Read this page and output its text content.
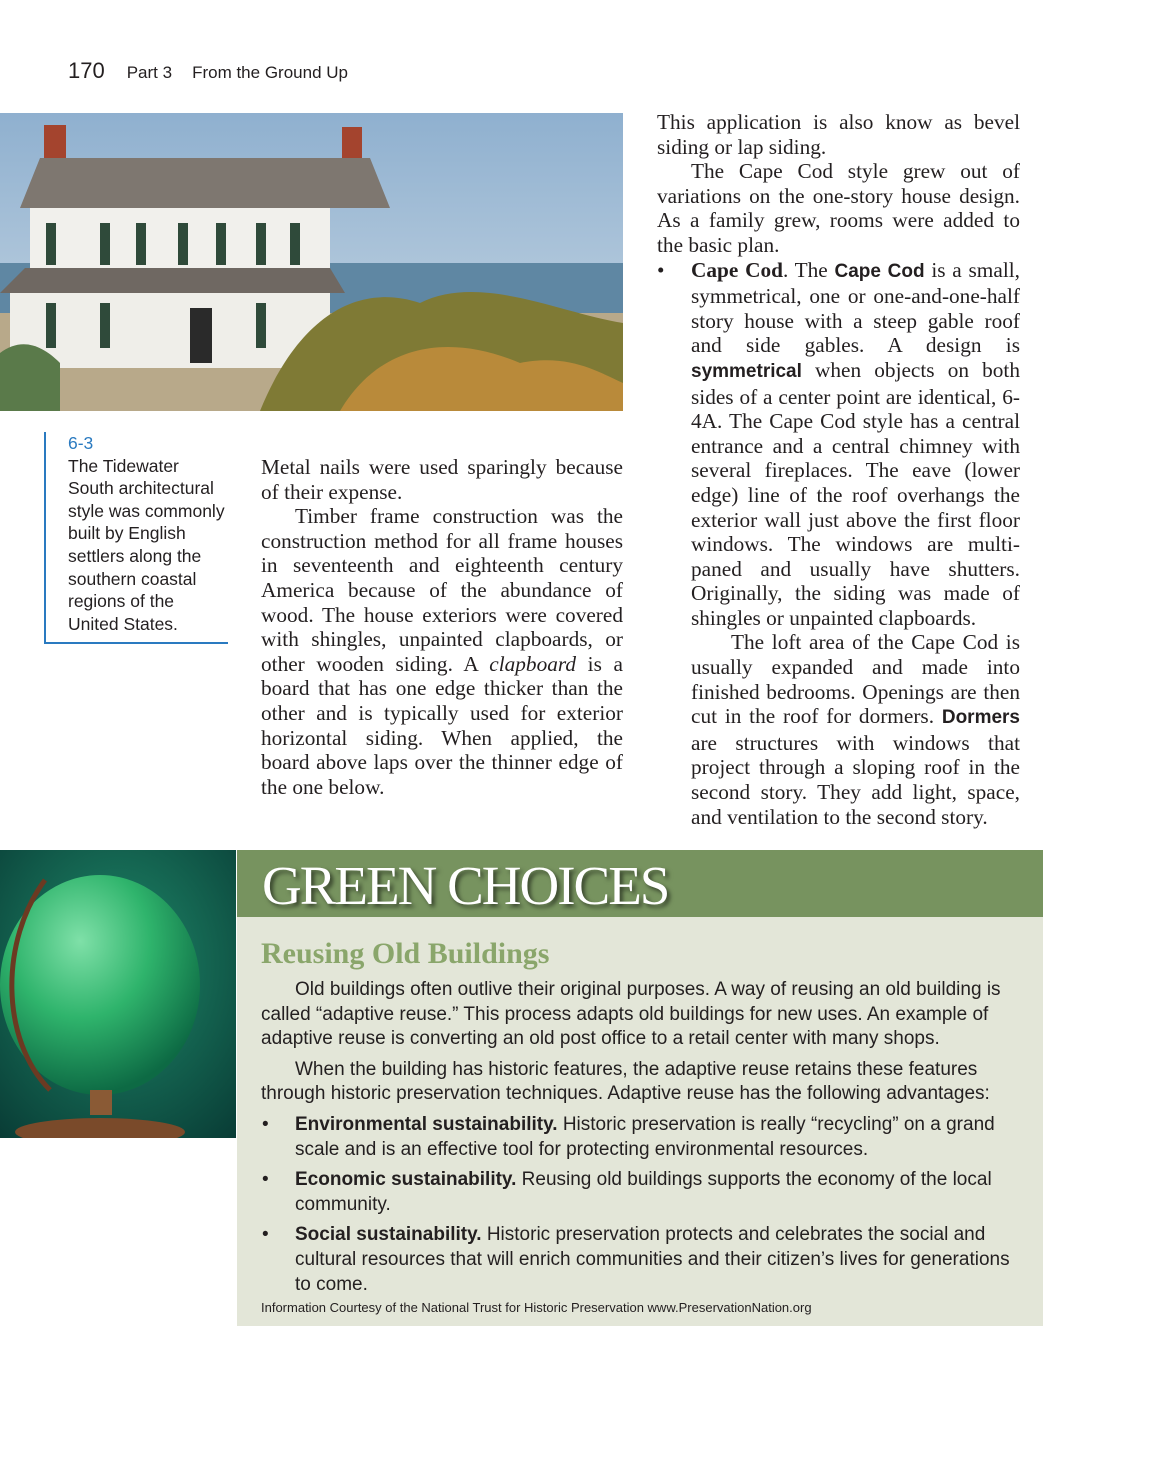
170 Part 3 From the Ground Up
6-3
The Tidewater South architectural style was commonly built by English settlers along the southern coastal regions of the United States.

Metal nails were used sparingly because of their expense.

Timber frame construction was the construction method for all frame houses in seventeenth and eighteenth century America because of the abundance of wood. The house exteriors were covered with shingles, unpainted clapboards, or other wooden siding. A clapboard is a board that has one edge thicker than the other and is typically used for exterior horizontal siding. When applied, the board above laps over the thinner edge of the one below.

This application is also know as bevel siding or lap siding.

The Cape Cod style grew out of variations on the one-story house design. As a family grew, rooms were added to the basic plan.

• Cape Cod. The Cape Cod is a small, symmetrical, one or one-and-one-half story house with a steep gable roof and side gables. A design is symmetrical when objects on both sides of a center point are identical, 6-4A. The Cape Cod style has a central entrance and a central chimney with several fireplaces. The eave (lower edge) line of the roof overhangs the exterior wall just above the first floor windows. The windows are multi-paned and usually have shutters. Originally, the siding was made of shingles or unpainted clapboards.

The loft area of the Cape Cod is usually expanded and made into finished bedrooms. Openings are then cut in the roof for dormers. Dormers are structures with windows that project through a sloping roof in the second story. They add light, space, and ventilation to the second story.

GREEN CHOICES
Reusing Old Buildings

Old buildings often outlive their original purposes. A way of reusing an old building is called “adaptive reuse.” This process adapts old buildings for new uses. An example of adaptive reuse is converting an old post office to a retail center with many shops.

When the building has historic features, the adaptive reuse retains these features through historic preservation techniques. Adaptive reuse has the following advantages:

• Environmental sustainability. Historic preservation is really “recycling” on a grand scale and is an effective tool for protecting environmental resources.

• Economic sustainability. Reusing old buildings supports the economy of the local community.

• Social sustainability. Historic preservation protects and celebrates the social and cultural resources that will enrich communities and their citizen’s lives for generations to come.

Information Courtesy of the National Trust for Historic Preservation www.PreservationNation.org
